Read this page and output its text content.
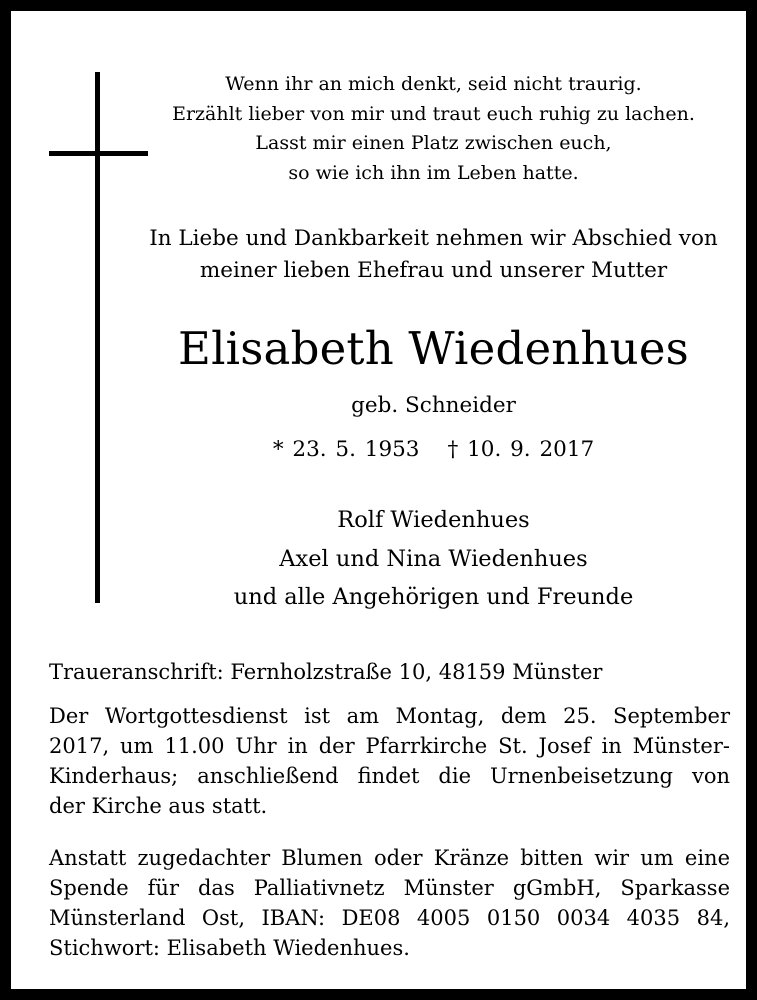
Wenn ihr an mich denkt, seid nicht traurig.
Erzählt lieber von mir und traut euch ruhig zu lachen.
Lasst mir einen Platz zwischen euch,
so wie ich ihn im Leben hatte.
In Liebe und Dankbarkeit nehmen wir Abschied von
meiner lieben Ehefrau und unserer Mutter
Elisabeth Wiedenhues
geb. Schneider
* 23. 5. 1953 † 10. 9. 2017
Rolf Wiedenhues
Axel und Nina Wiedenhues
und alle Angehörigen und Freunde
Traueranschrift: Fernholzstraße 10, 48159 Münster
Der Wortgottesdienst ist am Montag, dem 25. September
2017, um 11.00 Uhr in der Pfarrkirche St. Josef in Münster-
Kinderhaus; anschließend findet die Urnenbeisetzung von
der Kirche aus statt.
Anstatt zugedachter Blumen oder Kränze bitten wir um eine
Spende für das Palliativnetz Münster gGmbH, Sparkasse
Münsterland Ost, IBAN: DE08 4005 0150 0034 4035 84,
Stichwort: Elisabeth Wiedenhues.
